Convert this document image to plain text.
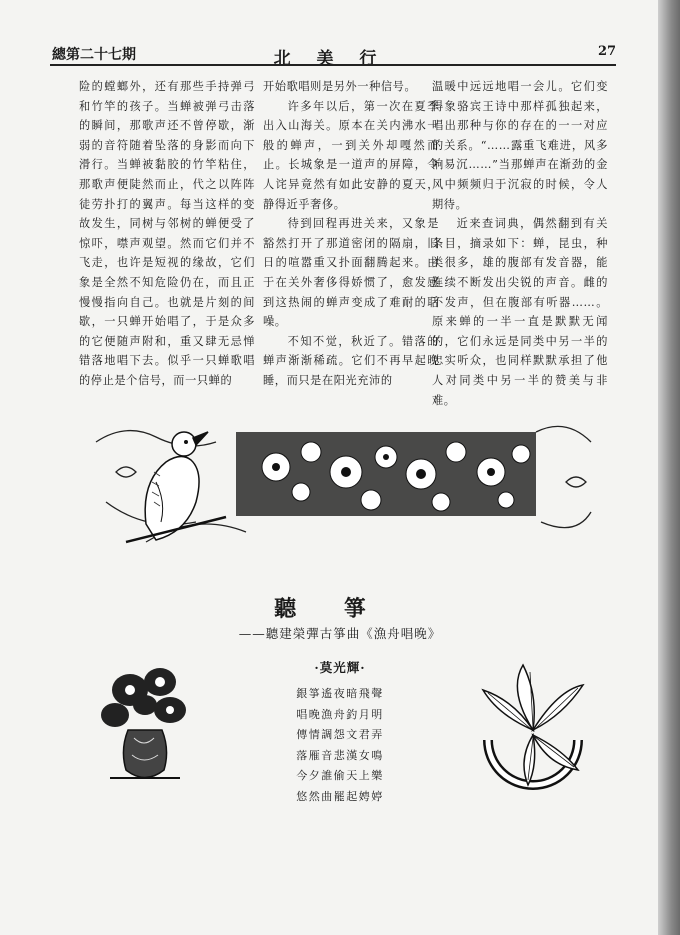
總第二十七期	北 美 行	27

险的螳螂外，还有那些手持弹弓和竹竿的孩子。当蝉被弹弓击落的瞬间，那歌声还不曾停歇，渐弱的音符随着坠落的身影而向下滑行。当蝉被黏胶的竹竿粘住，那歌声便陡然而止，代之以阵阵徒劳扑打的翼声。每当这样的变故发生，同树与邻树的蝉便受了惊吓，噤声观望。然而它们并不飞走，也许是短视的缘故，它们象是全然不知危险仍在，而且正慢慢指向自己。也就是片刻的间歇，一只蝉开始唱了，于是众多的它便随声附和，重又肆无忌惮错落地唱下去。似乎一只蝉歌唱的停止是个信号，而一只蝉的

开始歌唱则是另外一种信号。

许多年以后，第一次在夏季出入山海关。原本在关内沸水一般的蝉声，一到关外却嘎然而止。长城象是一道声的屏障，令人诧异竟然有如此安静的夏天，静得近乎奢侈。

待到回程再进关来，又象是豁然打开了那道密闭的隔扇，旧日的喧嚣重又扑面翻腾起来。由于在关外奢侈得娇惯了，愈发感到这热闹的蝉声变成了难耐的聒噪。

不知不觉，秋近了。错落的蝉声渐渐稀疏。它们不再早起晚睡，而只是在阳光充沛的

温暖中远远地唱一会儿。它们变得象骆宾王诗中那样孤独起来，唱出那种与你的存在的一一对应的关系。“……露重飞难进，风多响易沉……”当那蝉声在渐劲的金风中频频归于沉寂的时候，令人期待。

近来查词典，偶然翻到有关条目，摘录如下：蝉，昆虫，种类很多，雄的腹部有发音器，能连续不断发出尖锐的声音。雌的不发声，但在腹部有听器……。原来蝉的一半一直是默默无闻的，它们永远是同类中另一半的忠实听众，也同样默默承担了他人对同类中另一半的赞美与非难。

聽 箏
——聽建榮彈古箏曲《漁舟唱晚》
·莫光輝·
銀箏遙夜暗飛聲
唱晚漁舟釣月明
傳情調怨文君弄
落雁音悲漢女鳴
今夕誰偷天上樂
悠然曲罷起娉婷
